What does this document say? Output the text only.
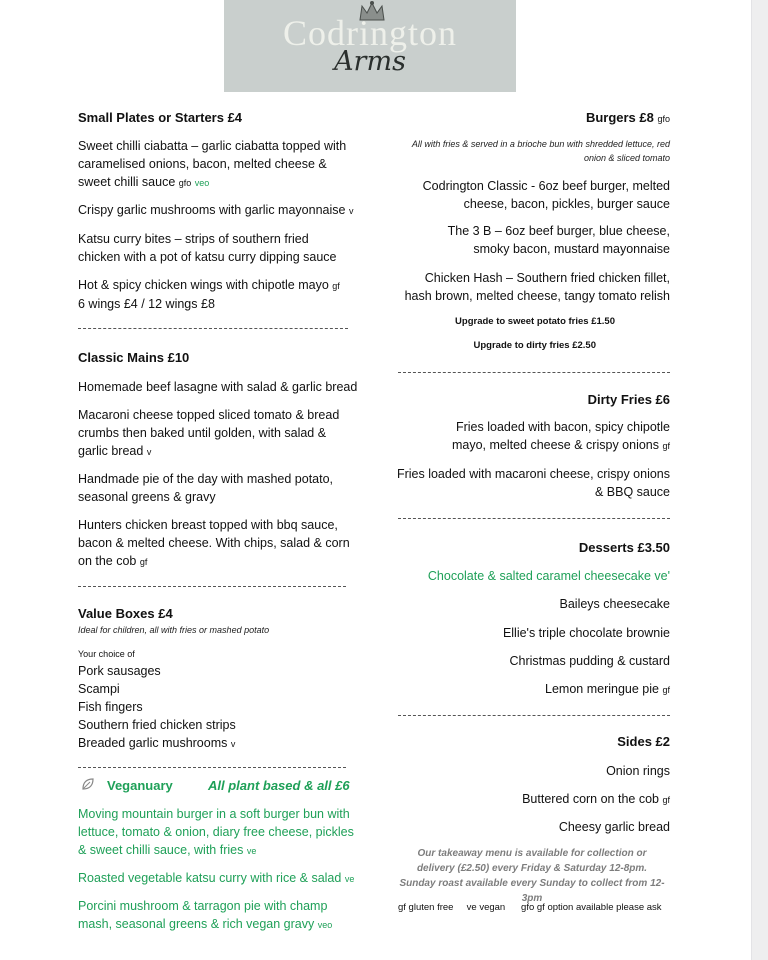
Codrington
Arms
Small Plates or Starters £4
Sweet chilli ciabatta – garlic ciabatta topped with caramelised onions, bacon, melted cheese & sweet chilli sauce gfo veo
Crispy garlic mushrooms with garlic mayonnaise v
Katsu curry bites – strips of southern fried chicken with a pot of katsu curry dipping sauce
Hot & spicy chicken wings with chipotle mayo gf
6 wings £4 / 12 wings £8
Classic Mains £10
Homemade beef lasagne with salad & garlic bread
Macaroni cheese topped sliced tomato & bread crumbs then baked until golden, with salad & garlic bread v
Handmade pie of the day with mashed potato, seasonal greens & gravy
Hunters chicken breast topped with bbq sauce, bacon & melted cheese. With chips, salad & corn on the cob gf
Value Boxes £4
Ideal for children, all with fries or mashed potato
Your choice of
Pork sausages
Scampi
Fish fingers
Southern fried chicken strips
Breaded garlic mushrooms v
Veganuary	All plant based & all £6
Moving mountain burger in a soft burger bun with lettuce, tomato & onion, diary free cheese, pickles & sweet chilli sauce, with fries ve
Roasted vegetable katsu curry with rice & salad ve
Porcini mushroom & tarragon pie with champ mash, seasonal greens & rich vegan gravy veo
Burgers £8 gfo
All with fries & served in a brioche bun with shredded lettuce, red onion & sliced tomato
Codrington Classic - 6oz beef burger, melted cheese, bacon, pickles, burger sauce
The 3 B – 6oz beef burger, blue cheese, smoky bacon, mustard mayonnaise
Chicken Hash – Southern fried chicken fillet, hash brown, melted cheese, tangy tomato relish
Upgrade to sweet potato fries £1.50
Upgrade to dirty fries £2.50
Dirty Fries £6
Fries loaded with bacon, spicy chipotle mayo, melted cheese & crispy onions gf
Fries loaded with macaroni cheese, crispy onions & BBQ sauce
Desserts £3.50
Chocolate & salted caramel cheesecake ve'
Baileys cheesecake
Ellie's triple chocolate brownie
Christmas pudding & custard
Lemon meringue pie gf
Sides £2
Onion rings
Buttered corn on the cob gf
Cheesy garlic bread
Our takeaway menu is available for collection or delivery (£2.50) every Friday & Saturday 12-8pm. Sunday roast available every Sunday to collect from 12-3pm
gf gluten free     ve vegan      gfo gf option available please ask
